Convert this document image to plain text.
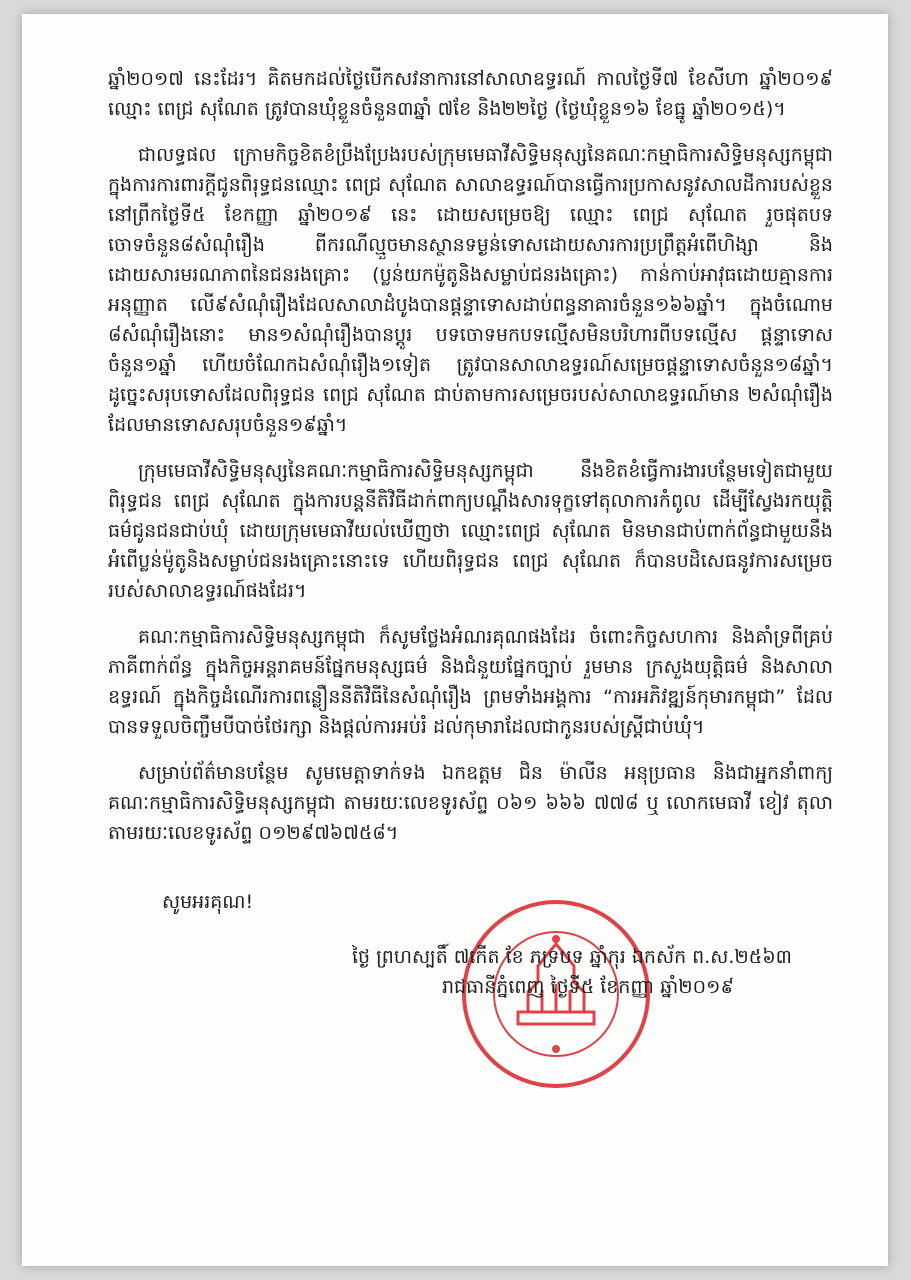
ឆ្នាំ២០១៧ នេះដែរ។ គិតមកដល់ថ្ងៃបើកសវនាការនៅសាលាឧទ្ធរណ៍ កាលថ្ងៃទី៧ ខែសីហា ឆ្នាំ២០១៩ ឈ្មោះ ពេជ្រ សុណែត ត្រូវបានឃុំខ្លួនចំនួន៣ឆ្នាំ ៧ខែ និង២២ថ្ងៃ (ថ្ងៃឃុំខ្លួន១៦ ខែធ្នូ ឆ្នាំ២០១៥)។

ជាលទ្ធផល ក្រោមកិច្ចខិតខំប្រឹងប្រែងរបស់ក្រុមមេធាវីសិទ្ធិមនុស្សនៃគណៈកម្មាធិការសិទ្ធិមនុស្សកម្ពុជា ក្នុងការការពារក្តីជូនពិរុទ្ធជនឈ្មោះ ពេជ្រ សុណែត សាលាឧទ្ធរណ៍បានធ្វើការប្រកាសនូវសាលដីការបស់ខ្លួន នៅព្រឹកថ្ងៃទី៥ ខែកញ្ញា ឆ្នាំ២០១៩ នេះ ដោយសម្រេចឱ្យ ឈ្មោះ ពេជ្រ សុណែត រួចផុតបទចោទចំនួន៨សំណុំរឿង ពីករណីល្មួចមានស្ថានទម្ងន់ទោសដោយសារការប្រព្រឹត្តអំពើហិង្សា និងដោយសារមរណភាពនៃជនរងគ្រោះ (ប្លន់យកម៉ូតូនិងសម្លាប់ជនរងគ្រោះ) កាន់កាប់អាវុធដោយគ្មានការអនុញ្ញាត លើ៩សំណុំរឿងដែលសាលាដំបូងបានផ្តន្ទាទោសដាប់ពន្ធនាគារចំនួន១៦៦ឆ្នាំ។ ក្នុងចំណោម ៨សំណុំរឿងនោះ មាន១សំណុំរឿងបានប្តូរ បទចោទមកបទល្មើសមិនបរិហារពីបទល្មើស ផ្តន្ទាទោសចំនួន១ឆ្នាំ ហើយចំណែកឯសំណុំរឿង១ទៀត ត្រូវបានសាលាឧទ្ធរណ៍សម្រេចផ្តន្ទាទោសចំនួន១៨ឆ្នាំ។ ដូច្នេះសរុបទោសដែលពិរុទ្ធជន ពេជ្រ សុណែត ជាប់តាមការសម្រេចរបស់សាលាឧទ្ធរណ៍មាន ២សំណុំរឿងដែលមានទោសសរុបចំនួន១៩ឆ្នាំ។

ក្រុមមេធាវីសិទ្ធិមនុស្សនៃគណៈកម្មាធិការសិទ្ធិមនុស្សកម្ពុជា នឹងខិតខំធ្វើការងារបន្ថែមទៀតជាមួយពិរុទ្ធជន ពេជ្រ សុណែត ក្នុងការបន្តនីតិវិធីដាក់ពាក្យបណ្តឹងសារទុក្ខទៅតុលាការកំពូល ដើម្បីស្វែងរកយុត្តិធម៌ជូនជនជាប់ឃុំ ដោយក្រុមមេធាវីយល់ឃើញថា ឈ្មោះពេជ្រ សុណែត មិនមានជាប់ពាក់ព័ន្ធជាមួយនឹងអំពើប្លន់ម៉ូតូនិងសម្លាប់ជនរងគ្រោះនោះទេ ហើយពិរុទ្ធជន ពេជ្រ សុណែត ក៏បានបដិសេធនូវការសម្រេចរបស់សាលាឧទ្ធរណ៍ផងដែរ។

គណៈកម្មាធិការសិទ្ធិមនុស្សកម្ពុជា ក៏សូមថ្លែងអំណរគុណផងដែរ ចំពោះកិច្ចសហការ និងគាំទ្រពីគ្រប់ភាគីពាក់ព័ន្ធ ក្នុងកិច្ចអន្តរាគមន៍ផ្នែកមនុស្សធម៌ និងជំនួយផ្នែកច្បាប់ រួមមាន ក្រសួងយុត្តិធម៌ និងសាលាឧទ្ធរណ៍ ក្នុងកិច្ចដំណើរការពន្លឿននីតិវិធីនៃសំណុំរឿង ព្រមទាំងអង្គការ “ការអភិវឌ្ឍន៍កុមារកម្ពុជា” ដែលបានទទួលចិញ្ចឹមបីបាច់ថែរក្សា និងផ្តល់ការអប់រំ ដល់កុមារាដែលជាកូនរបស់ស្ត្រីជាប់ឃុំ។

សម្រាប់ព័ត៌មានបន្ថែម សូមមេត្តាទាក់ទង ឯកឧត្តម ជិន ម៉ាលីន អនុប្រធាន និងជាអ្នកនាំពាក្យគណៈកម្មាធិការសិទ្ធិមនុស្សកម្ពុជា តាមរយៈលេខទូរស័ព្ទ ០៦១ ៦៦៦ ៧៧៨ ឬ លោកមេធាវី ខៀវ តុលា តាមរយៈលេខទូរស័ព្ទ ០១២៩៧៦៧៥៨។

សូមអរគុណ!
ថ្ងៃ ព្រហស្បតិ៍ ៧កើត ខែ ភទ្របទ ឆ្នាំកុរ ឯកស័ក ព.ស.២៥៦៣
រាជធានីភ្នំពេញ ថ្ងៃទី៥ ខែកញ្ញា ឆ្នាំ២០១៩
